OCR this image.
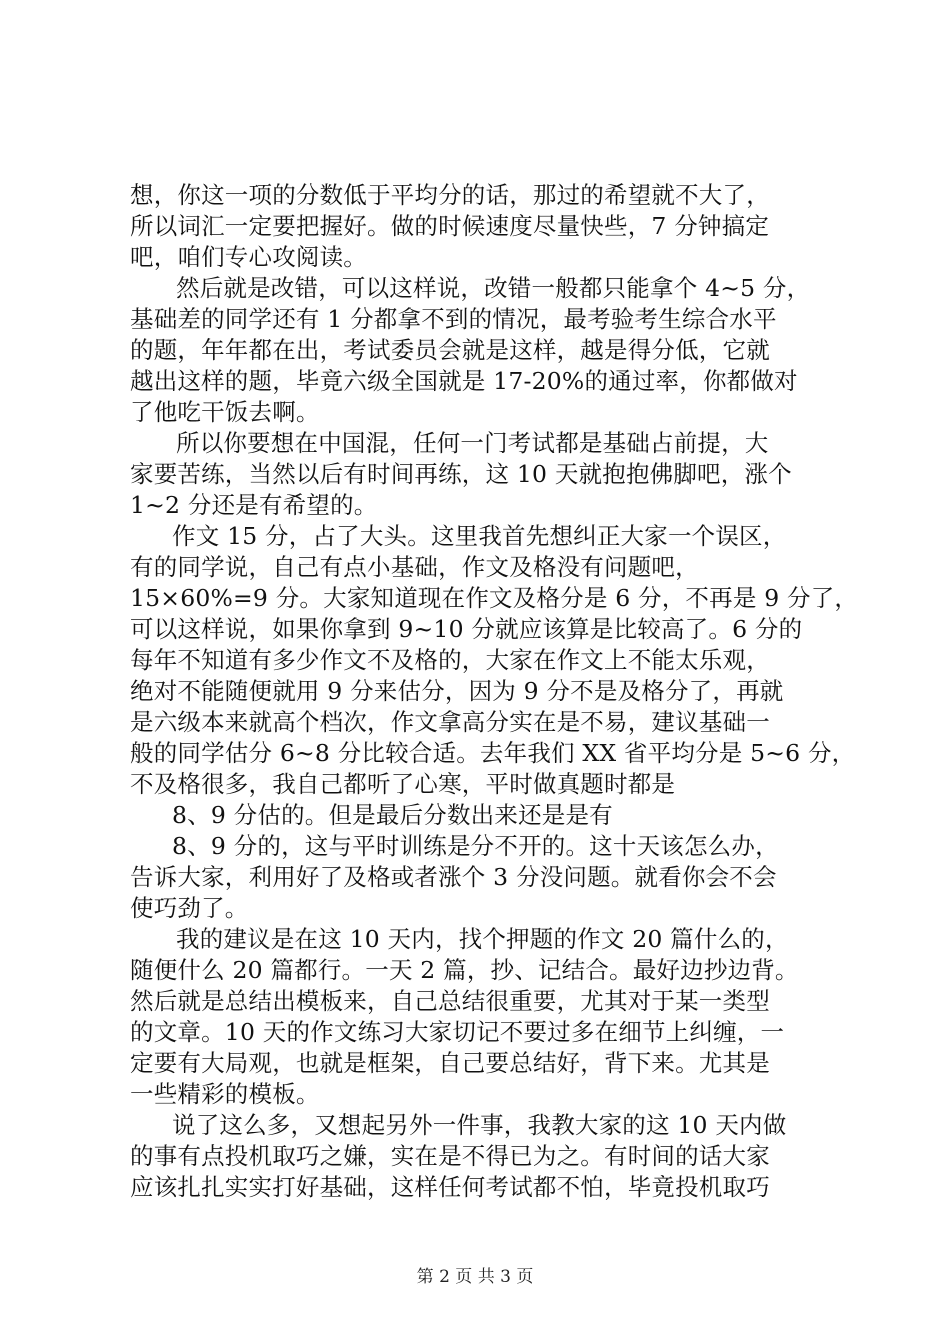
想，你这一项的分数低于平均分的话，那过的希望就不大了，

所以词汇一定要把握好。做的时候速度尽量快些，7 分钟搞定

吧，咱们专心攻阅读。

然后就是改错，可以这样说，改错一般都只能拿个 4~5 分，

基础差的同学还有 1 分都拿不到的情况，最考验考生综合水平

的题，年年都在出，考试委员会就是这样，越是得分低，它就

越出这样的题，毕竟六级全国就是 17-20%的通过率，你都做对

了他吃干饭去啊。

所以你要想在中国混，任何一门考试都是基础占前提，大

家要苦练，当然以后有时间再练，这 10 天就抱抱佛脚吧，涨个

1~2 分还是有希望的。

作文 15 分，占了大头。这里我首先想纠正大家一个误区，

有的同学说，自己有点小基础，作文及格没有问题吧，

15×60%=9 分。大家知道现在作文及格分是 6 分，不再是 9 分了，

可以这样说，如果你拿到 9~10 分就应该算是比较高了。6 分的

每年不知道有多少作文不及格的，大家在作文上不能太乐观，

绝对不能随便就用 9 分来估分，因为 9 分不是及格分了，再就

是六级本来就高个档次，作文拿高分实在是不易，建议基础一

般的同学估分 6~8 分比较合适。去年我们 XX 省平均分是 5~6 分，

不及格很多，我自己都听了心寒，平时做真题时都是

8、9 分估的。但是最后分数出来还是是有

8、9 分的，这与平时训练是分不开的。这十天该怎么办，

告诉大家，利用好了及格或者涨个 3 分没问题。就看你会不会

使巧劲了。

我的建议是在这 10 天内，找个押题的作文 20 篇什么的，

随便什么 20 篇都行。一天 2 篇，抄、记结合。最好边抄边背。

然后就是总结出模板来，自己总结很重要，尤其对于某一类型

的文章。10 天的作文练习大家切记不要过多在细节上纠缠，一

定要有大局观，也就是框架，自己要总结好，背下来。尤其是

一些精彩的模板。

说了这么多，又想起另外一件事，我教大家的这 10 天内做

的事有点投机取巧之嫌，实在是不得已为之。有时间的话大家

应该扎扎实实打好基础，这样任何考试都不怕，毕竟投机取巧

第 2 页 共 3 页
